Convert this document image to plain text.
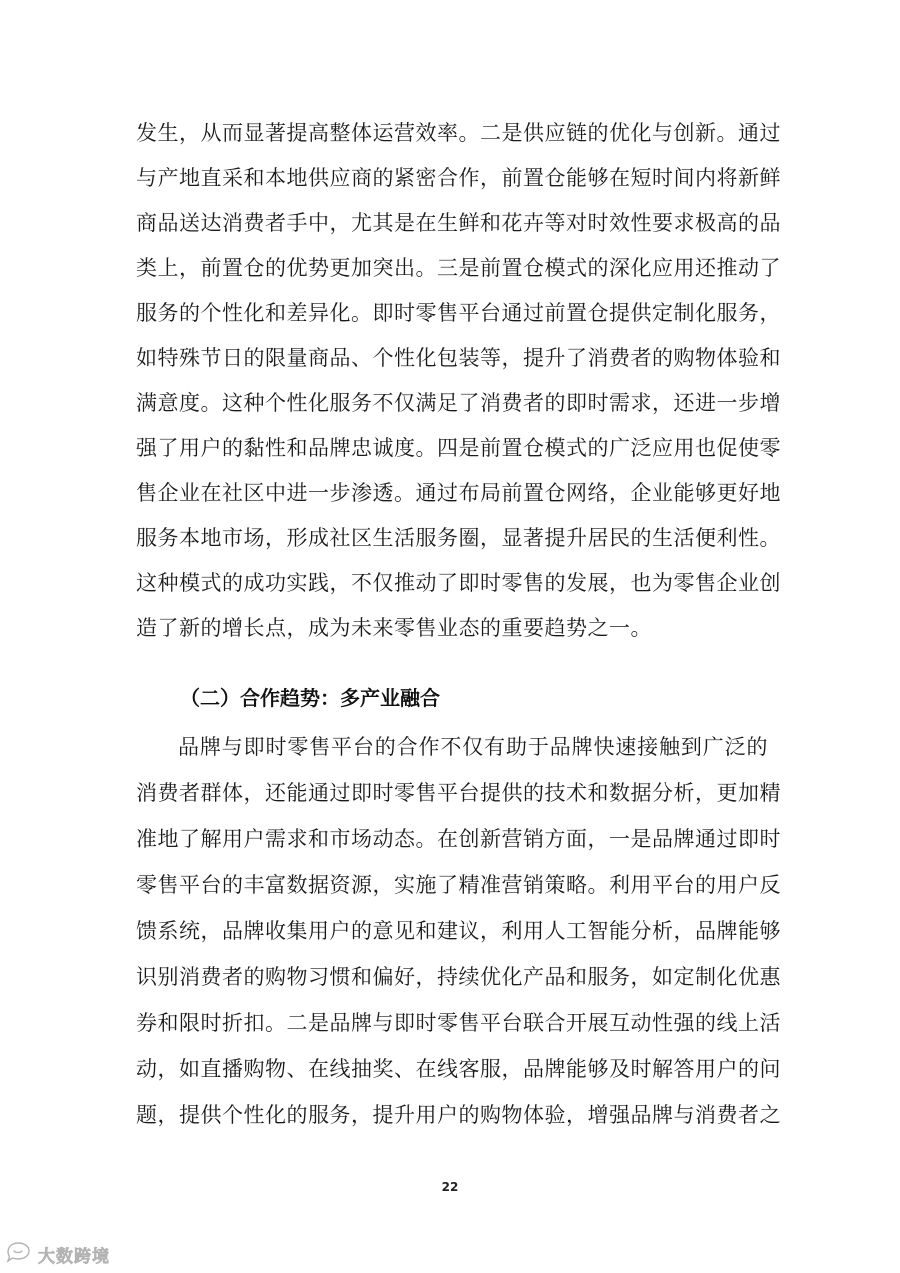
发生，从而显著提高整体运营效率。二是供应链的优化与创新。通过
与产地直采和本地供应商的紧密合作，前置仓能够在短时间内将新鲜
商品送达消费者手中，尤其是在生鲜和花卉等对时效性要求极高的品
类上，前置仓的优势更加突出。三是前置仓模式的深化应用还推动了
服务的个性化和差异化。即时零售平台通过前置仓提供定制化服务，
如特殊节日的限量商品、个性化包装等，提升了消费者的购物体验和
满意度。这种个性化服务不仅满足了消费者的即时需求，还进一步增
强了用户的黏性和品牌忠诚度。四是前置仓模式的广泛应用也促使零
售企业在社区中进一步渗透。通过布局前置仓网络，企业能够更好地
服务本地市场，形成社区生活服务圈，显著提升居民的生活便利性。
这种模式的成功实践，不仅推动了即时零售的发展，也为零售企业创
造了新的增长点，成为未来零售业态的重要趋势之一。
（二）合作趋势：多产业融合
品牌与即时零售平台的合作不仅有助于品牌快速接触到广泛的
消费者群体，还能通过即时零售平台提供的技术和数据分析，更加精
准地了解用户需求和市场动态。在创新营销方面，一是品牌通过即时
零售平台的丰富数据资源，实施了精准营销策略。利用平台的用户反
馈系统，品牌收集用户的意见和建议，利用人工智能分析，品牌能够
识别消费者的购物习惯和偏好，持续优化产品和服务，如定制化优惠
券和限时折扣。二是品牌与即时零售平台联合开展互动性强的线上活
动，如直播购物、在线抽奖、在线客服，品牌能够及时解答用户的问
题，提供个性化的服务，提升用户的购物体验，增强品牌与消费者之
22
大数跨境
